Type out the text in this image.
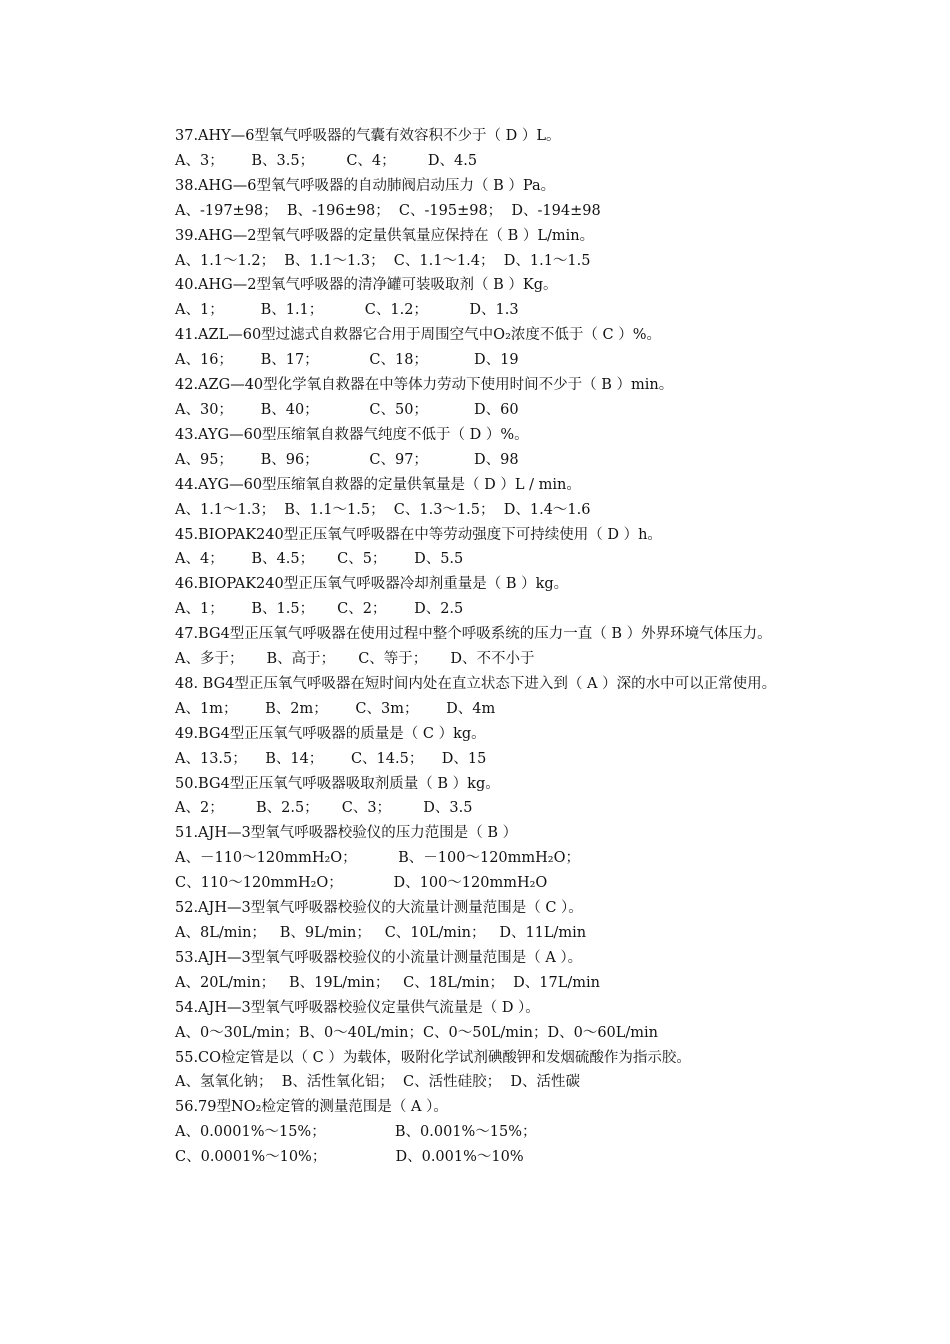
37.AHY—6型氧气呼吸器的气囊有效容积不少于（ D ）L。
A、3；      B、3.5；       C、4；       D、4.5
38.AHG—6型氧气呼吸器的自动肺阀启动压力（ B ）Pa。
A、-197±98；  B、-196±98；  C、-195±98；  D、-194±98
39.AHG—2型氧气呼吸器的定量供氧量应保持在（ B ）L/min。
A、1.1～1.2；  B、1.1～1.3；  C、1.1～1.4；  D、1.1～1.5
40.AHG—2型氧气呼吸器的清净罐可装吸取剂（ B ）Kg。
A、1；        B、1.1；         C、1.2；         D、1.3
41.AZL—60型过滤式自救器它合用于周围空气中O₂浓度不低于（ C ）%。
A、16；      B、17；           C、18；          D、19
42.AZG—40型化学氧自救器在中等体力劳动下使用时间不少于（ B ）min。
A、30；      B、40；           C、50；          D、60
43.AYG—60型压缩氧自救器气纯度不低于（ D ）%。
A、95；      B、96；           C、97；          D、98
44.AYG—60型压缩氧自救器的定量供氧量是（ D ）L / min。
A、1.1～1.3；  B、1.1～1.5；  C、1.3～1.5；  D、1.4～1.6
45.BIOPAK240型正压氧气呼吸器在中等劳动强度下可持续使用（ D ）h。
A、4；      B、4.5；     C、5；      D、5.5
46.BIOPAK240型正压氧气呼吸器冷却剂重量是（ B ）kg。
A、1；      B、1.5；     C、2；      D、2.5
47.BG4型正压氧气呼吸器在使用过程中整个呼吸系统的压力一直（ B ）外界环境气体压力。
A、多于；     B、高于；     C、等于；     D、不不小于
48. BG4型正压氧气呼吸器在短时间内处在直立状态下进入到（ A ）深的水中可以正常使用。
A、1m；      B、2m；      C、3m；      D、4m
49.BG4型正压氧气呼吸器的质量是（ C ）kg。
A、13.5；    B、14；      C、14.5；    D、15
50.BG4型正压氧气呼吸器吸取剂质量（ B ）kg。
A、2；       B、2.5；     C、3；       D、3.5
51.AJH—3型氧气呼吸器校验仪的压力范围是（ B ）
A、－110～120mmH₂O；         B、－100～120mmH₂O；
C、110～120mmH₂O；           D、100～120mmH₂O
52.AJH—3型氧气呼吸器校验仪的大流量计测量范围是（ C ）。
A、8L/min；   B、9L/min；   C、10L/min；   D、11L/min
53.AJH—3型氧气呼吸器校验仪的小流量计测量范围是（ A ）。
A、20L/min；   B、19L/min；   C、18L/min；  D、17L/min
54.AJH—3型氧气呼吸器校验仪定量供气流量是（ D ）。
A、0～30L/min；B、0～40L/min；C、0～50L/min；D、0～60L/min
55.CO检定管是以（ C ）为载体，吸附化学试剂碘酸钾和发烟硫酸作为指示胶。
A、氢氧化钠；  B、活性氧化铝；  C、活性硅胶；  D、活性碳
56.79型NO₂检定管的测量范围是（ A ）。
A、0.0001%～15%；               B、0.001%～15%；
C、0.0001%～10%；               D、0.001%～10%
